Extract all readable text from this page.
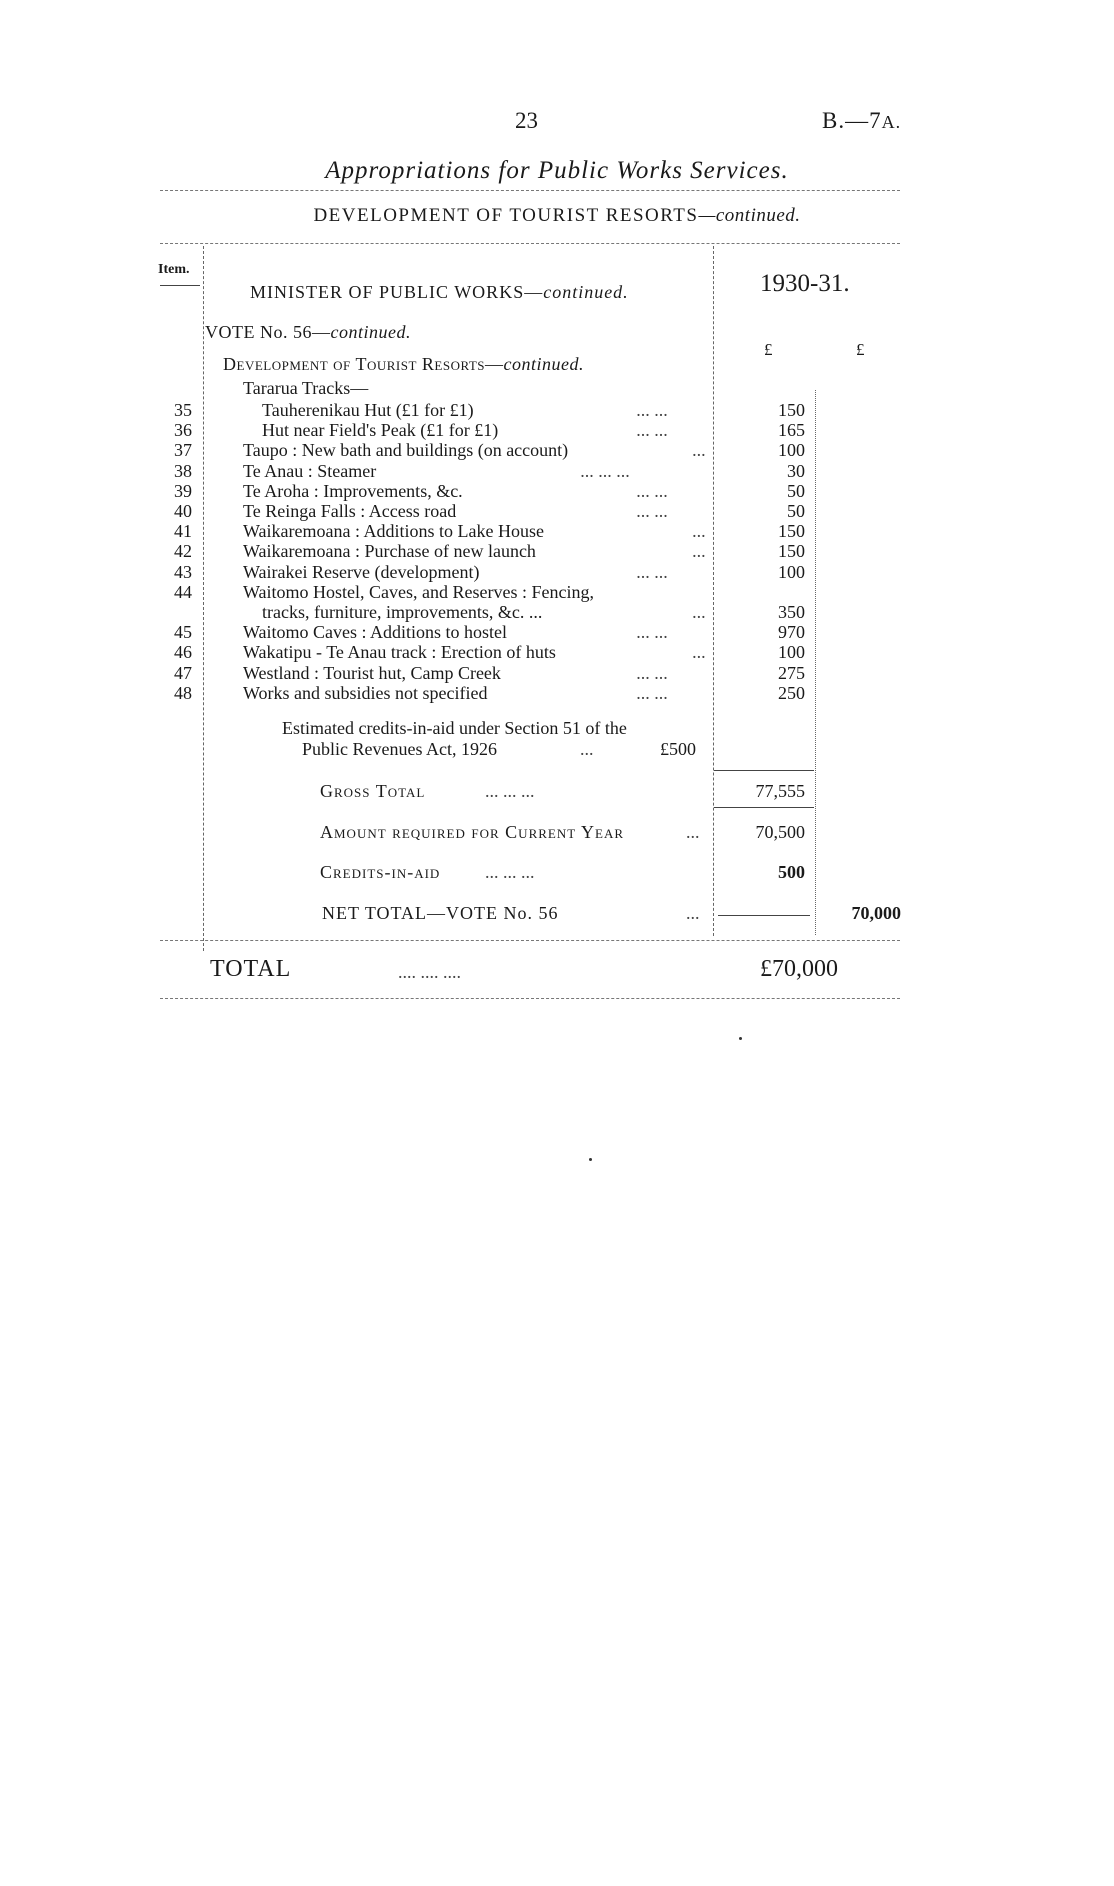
23	B.—7A.
Appropriations for Public Works Services.
DEVELOPMENT OF TOURIST RESORTS—continued.
Item.
MINISTER OF PUBLIC WORKS—continued.	1930-31.
£	£
VOTE No. 56—continued.
Development of Tourist Resorts—continued.
Tararua Tracks—
35	Tauherenikau Hut (£1 for £1)	... ...	150
36	Hut near Field's Peak (£1 for £1)	... ...	165
37	Taupo : New bath and buildings (on account)	...	100
38	Te Anau : Steamer	... ... ...	30
39	Te Aroha : Improvements, &c.	... ...	50
40	Te Reinga Falls : Access road	... ...	50
41	Waikaremoana : Additions to Lake House	...	150
42	Waikaremoana : Purchase of new launch	...	150
43	Wairakei Reserve (development)	... ...	100
44	Waitomo Hostel, Caves, and Reserves : Fencing,
tracks, furniture, improvements, &c. ...	...	350
45	Waitomo Caves : Additions to hostel	... ...	970
46	Wakatipu - Te Anau track : Erection of huts	...	100
47	Westland : Tourist hut, Camp Creek	... ...	275
48	Works and subsidies not specified	... ...	250
Estimated credits-in-aid under Section 51 of the
Public Revenues Act, 1926	...	£500
Gross Total	... ... ...	77,555
Amount required for Current Year	...	70,500
Credits-in-aid ... ... ...	500
NET TOTAL—VOTE No. 56	...	70,000
TOTAL	.... .... ....	£70,000
